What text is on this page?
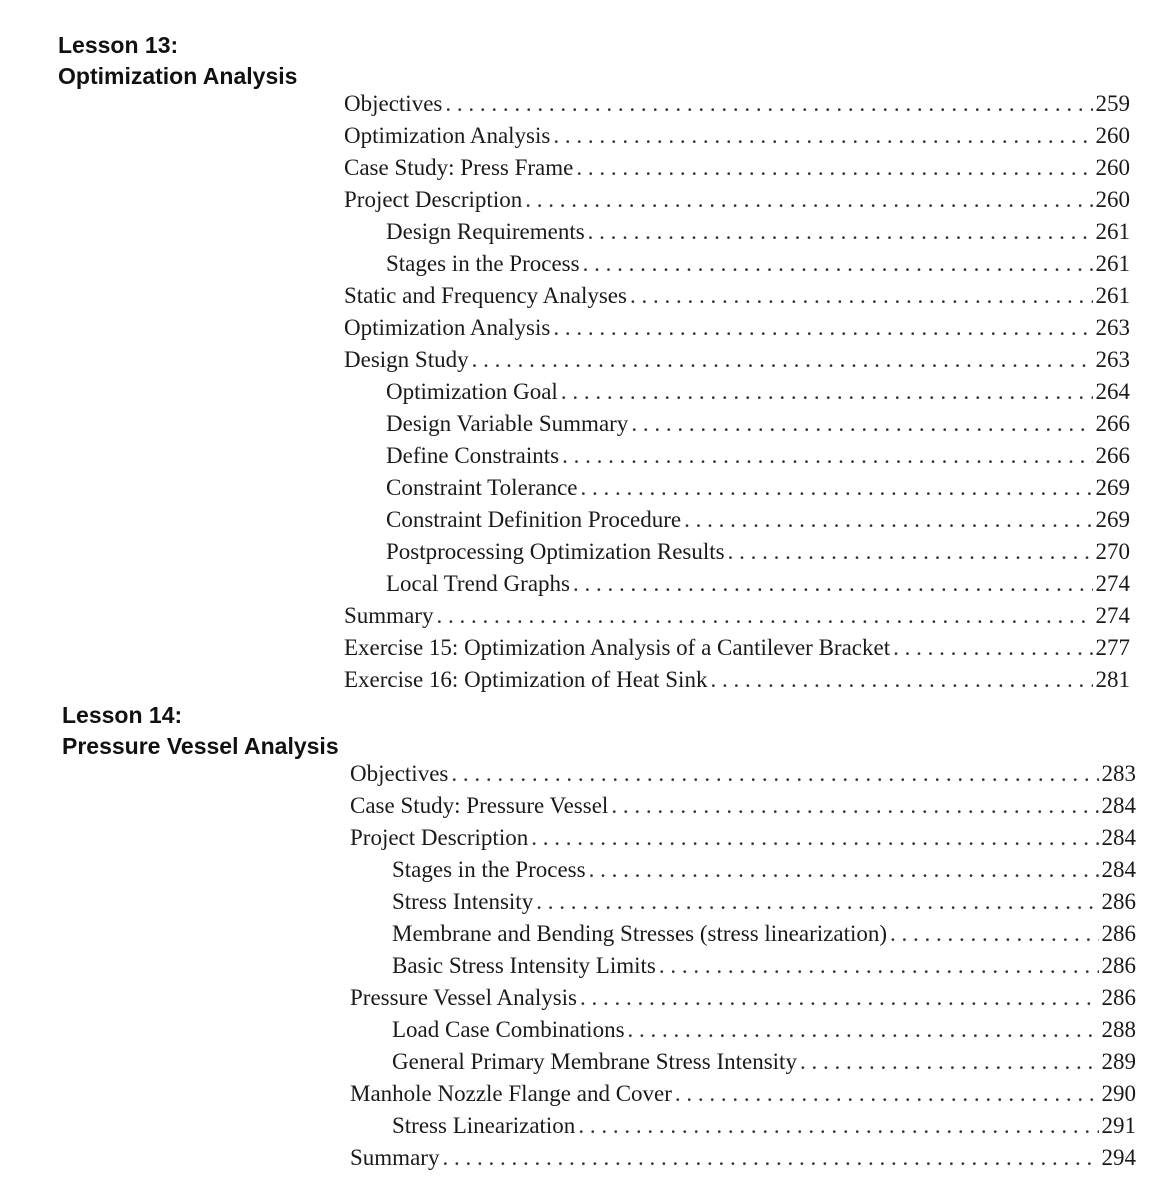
Lesson 13:
Optimization Analysis
Objectives . . .	259
Optimization Analysis . . .	260
Case Study: Press Frame . . .	260
Project Description . . .	260
Design Requirements . . .	261
Stages in the Process . . .	261
Static and Frequency Analyses . . .	261
Optimization Analysis . . .	263
Design Study . . .	263
Optimization Goal . . .	264
Design Variable Summary . . .	266
Define Constraints . . .	266
Constraint Tolerance . . .	269
Constraint Definition Procedure . . .	269
Postprocessing Optimization Results . . .	270
Local Trend Graphs . . .	274
Summary . . .	274
Exercise 15: Optimization Analysis of a Cantilever Bracket . . .	277
Exercise 16: Optimization of Heat Sink . . .	281
Lesson 14:
Pressure Vessel Analysis
Objectives . . .	283
Case Study: Pressure Vessel . . .	284
Project Description . . .	284
Stages in the Process . . .	284
Stress Intensity . . .	286
Membrane and Bending Stresses (stress linearization) . . .	286
Basic Stress Intensity Limits . . .	286
Pressure Vessel Analysis . . .	286
Load Case Combinations . . .	288
General Primary Membrane Stress Intensity . . .	289
Manhole Nozzle Flange and Cover . . .	290
Stress Linearization . . .	291
Summary . . .	294
